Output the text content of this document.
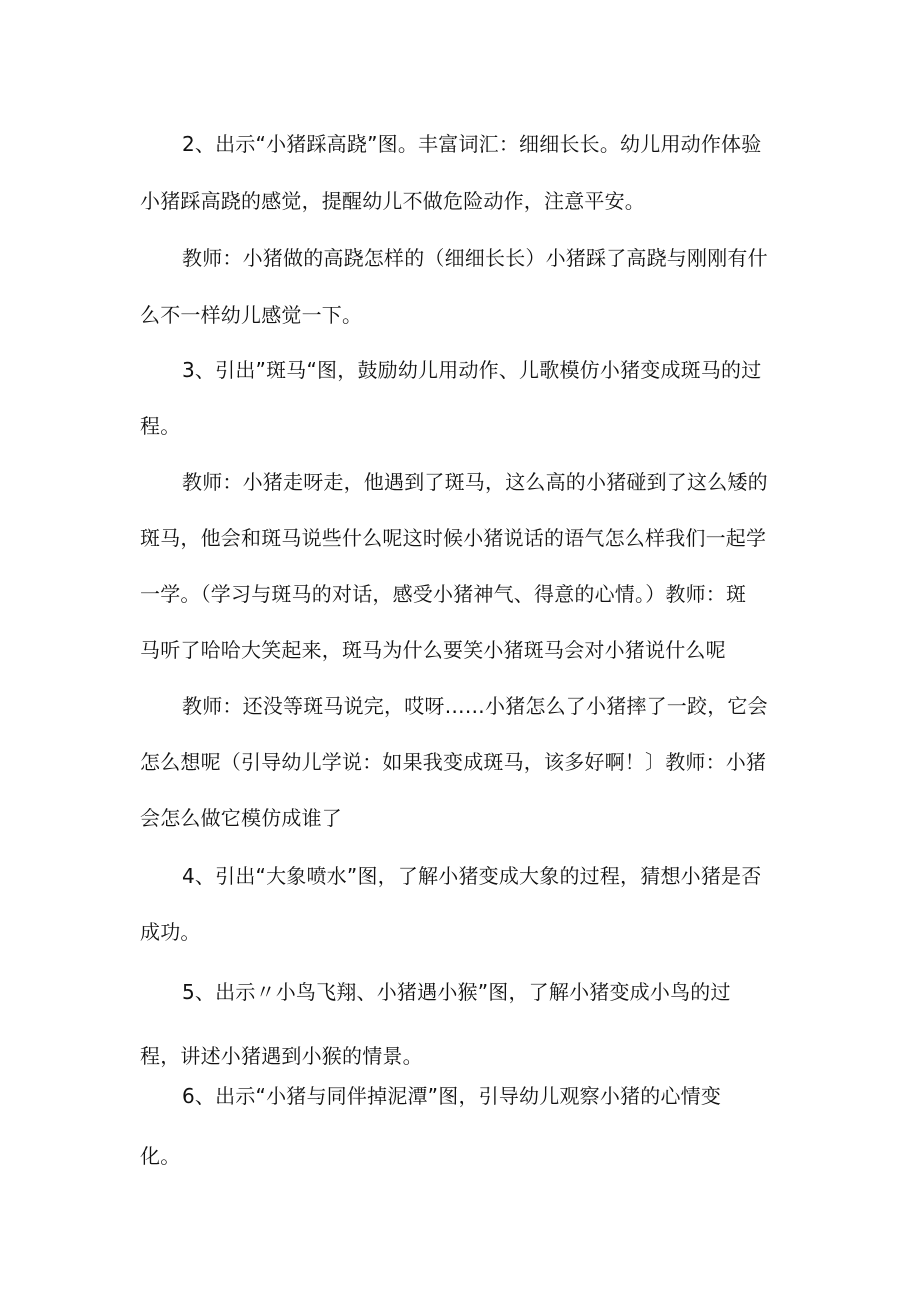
2、出示“小猪踩高跷”图。丰富词汇：细细长长。幼儿用动作体验
小猪踩高跷的感觉，提醒幼儿不做危险动作，注意平安。
教师：小猪做的高跷怎样的（细细长长）小猪踩了高跷与刚刚有什
么不一样幼儿感觉一下。
3、引出”斑马“图，鼓励幼儿用动作、儿歌模仿小猪变成斑马的过
程。
教师：小猪走呀走，他遇到了斑马，这么高的小猪碰到了这么矮的
斑马，他会和斑马说些什么呢这时候小猪说话的语气怎么样我们一起学
一学。（学习与斑马的对话，感受小猪神气、得意的心情。）教师：斑
马听了哈哈大笑起来，斑马为什么要笑小猪斑马会对小猪说什么呢
教师：还没等斑马说完，哎呀……小猪怎么了小猪摔了一跤，它会
怎么想呢（引导幼儿学说：如果我变成斑马，该多好啊！〕教师：小猪
会怎么做它模仿成谁了
4、引出“大象喷水”图，了解小猪变成大象的过程，猜想小猪是否
成功。
5、出示〃小鸟飞翔、小猪遇小猴”图，了解小猪变成小鸟的过
程，讲述小猪遇到小猴的情景。
6、出示“小猪与同伴掉泥潭”图，引导幼儿观察小猪的心情变
化。
